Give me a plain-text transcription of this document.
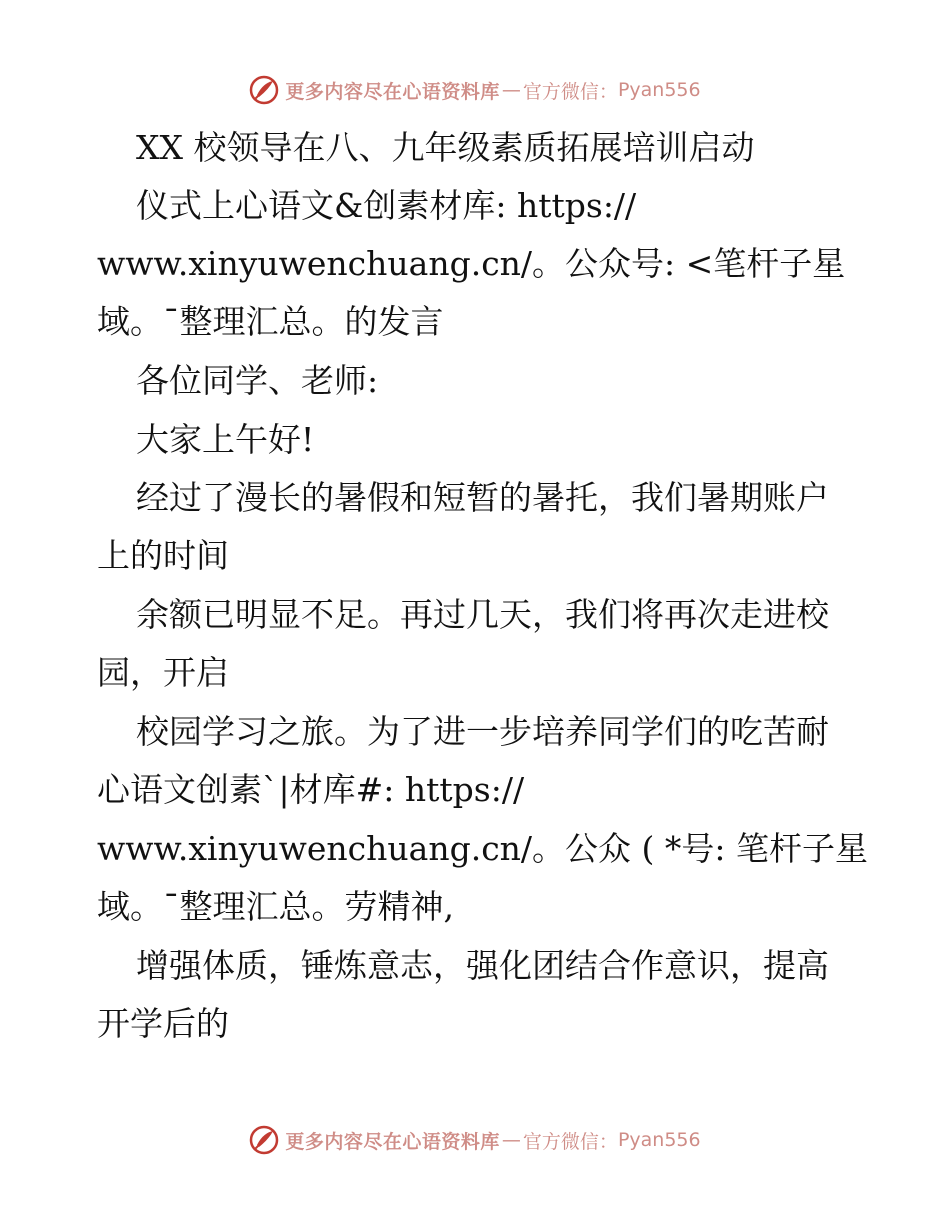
更多内容尽在心语资料库 — 官方微信： Pyan556
XX 校领导在八、九年级素质拓展培训启动
仪式上心语文&创素材库: https://
www.xinyuwenchuang.cn/。公众号: <笔杆子星
域。¯整理汇总。的发言
各位同学、老师:
大家上午好!
经过了漫长的暑假和短暂的暑托，我们暑期账户
上的时间
余额已明显不足。再过几天，我们将再次走进校
园，开启
校园学习之旅。为了进一步培养同学们的吃苦耐
心语文创素`|材库#: https://
www.xinyuwenchuang.cn/。公众 ( *号: 笔杆子星
域。¯整理汇总。劳精神,
增强体质，锤炼意志，强化团结合作意识，提高
开学后的
更多内容尽在心语资料库 — 官方微信： Pyan556
